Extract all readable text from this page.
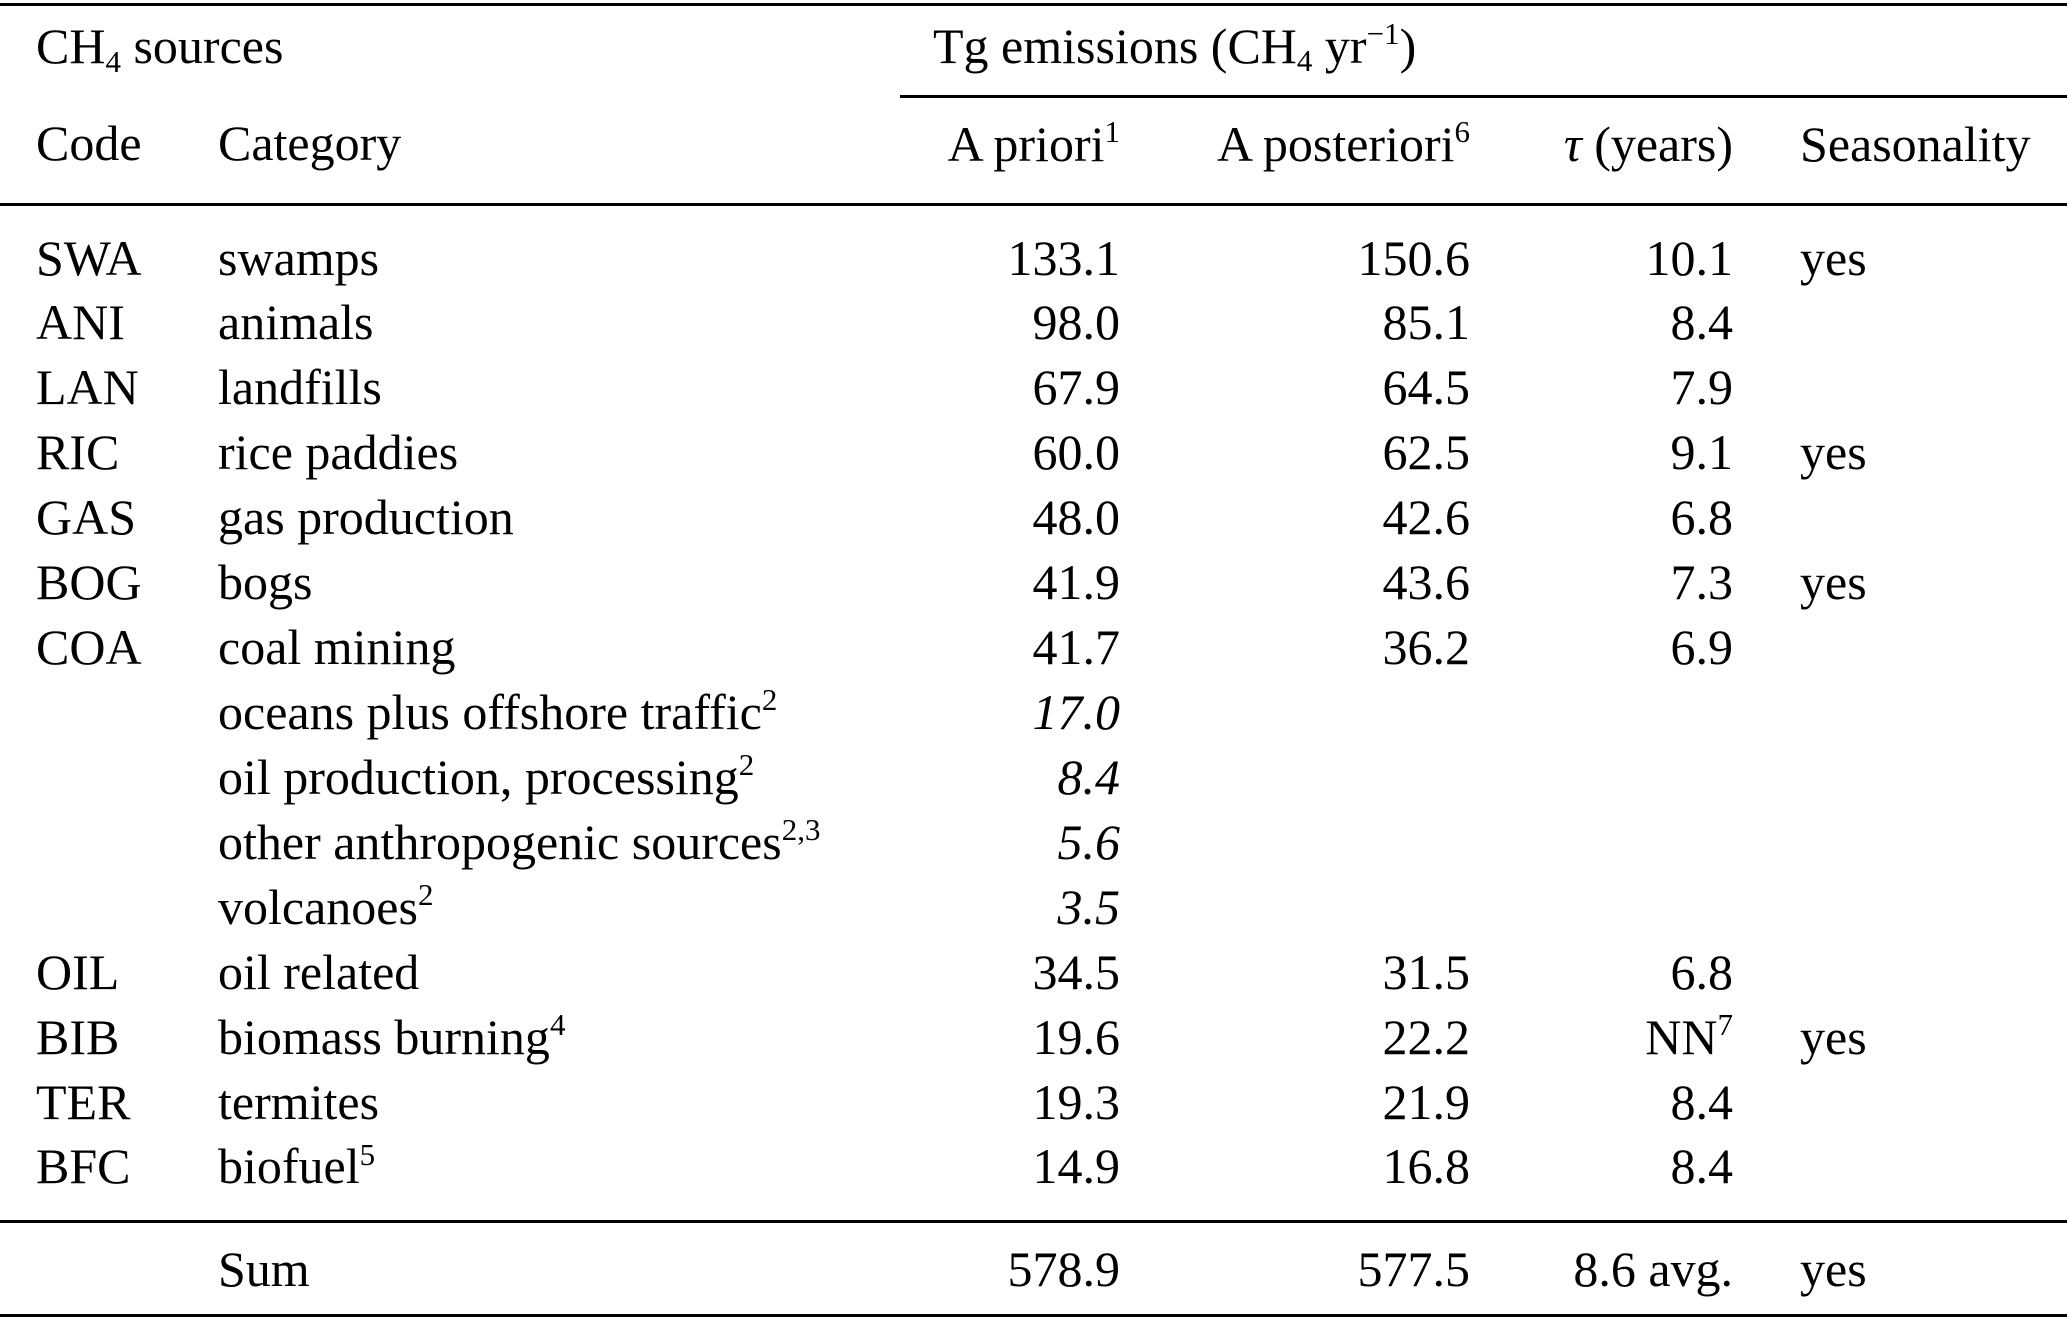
CH4 sources		Tg emissions (CH4 $yr^{-1}$)			
Code	Category	A priori$^1$	A posteriori$^6$	τ (years)	Seasonality
SWA	swamps	133.1	150.6	10.1	yes
ANI	animals	98.0	85.1	8.4	
LAN	landfills	67.9	64.5	7.9	
RIC	rice paddies	60.0	62.5	9.1	yes
GAS	gas production	48.0	42.6	6.8	
BOG	bogs	41.9	43.6	7.3	yes
COA	coal mining	41.7	36.2	6.9	
	oceans plus offshore traffic$^2$	17.0			
	oil production, processing$^2$	8.4			
	other anthropogenic sources$^{2,3}$	5.6			
	volcanoes$^2$	3.5			
OIL	oil related	34.5	31.5	6.8	
BIB	biomass burning$^4$	19.6	22.2	$NN^7$	yes
TER	termites	19.3	21.9	8.4	
BFC	biofuel$^5$	14.9	16.8	8.4	
	Sum	578.9	577.5	8.6 avg.	yes
